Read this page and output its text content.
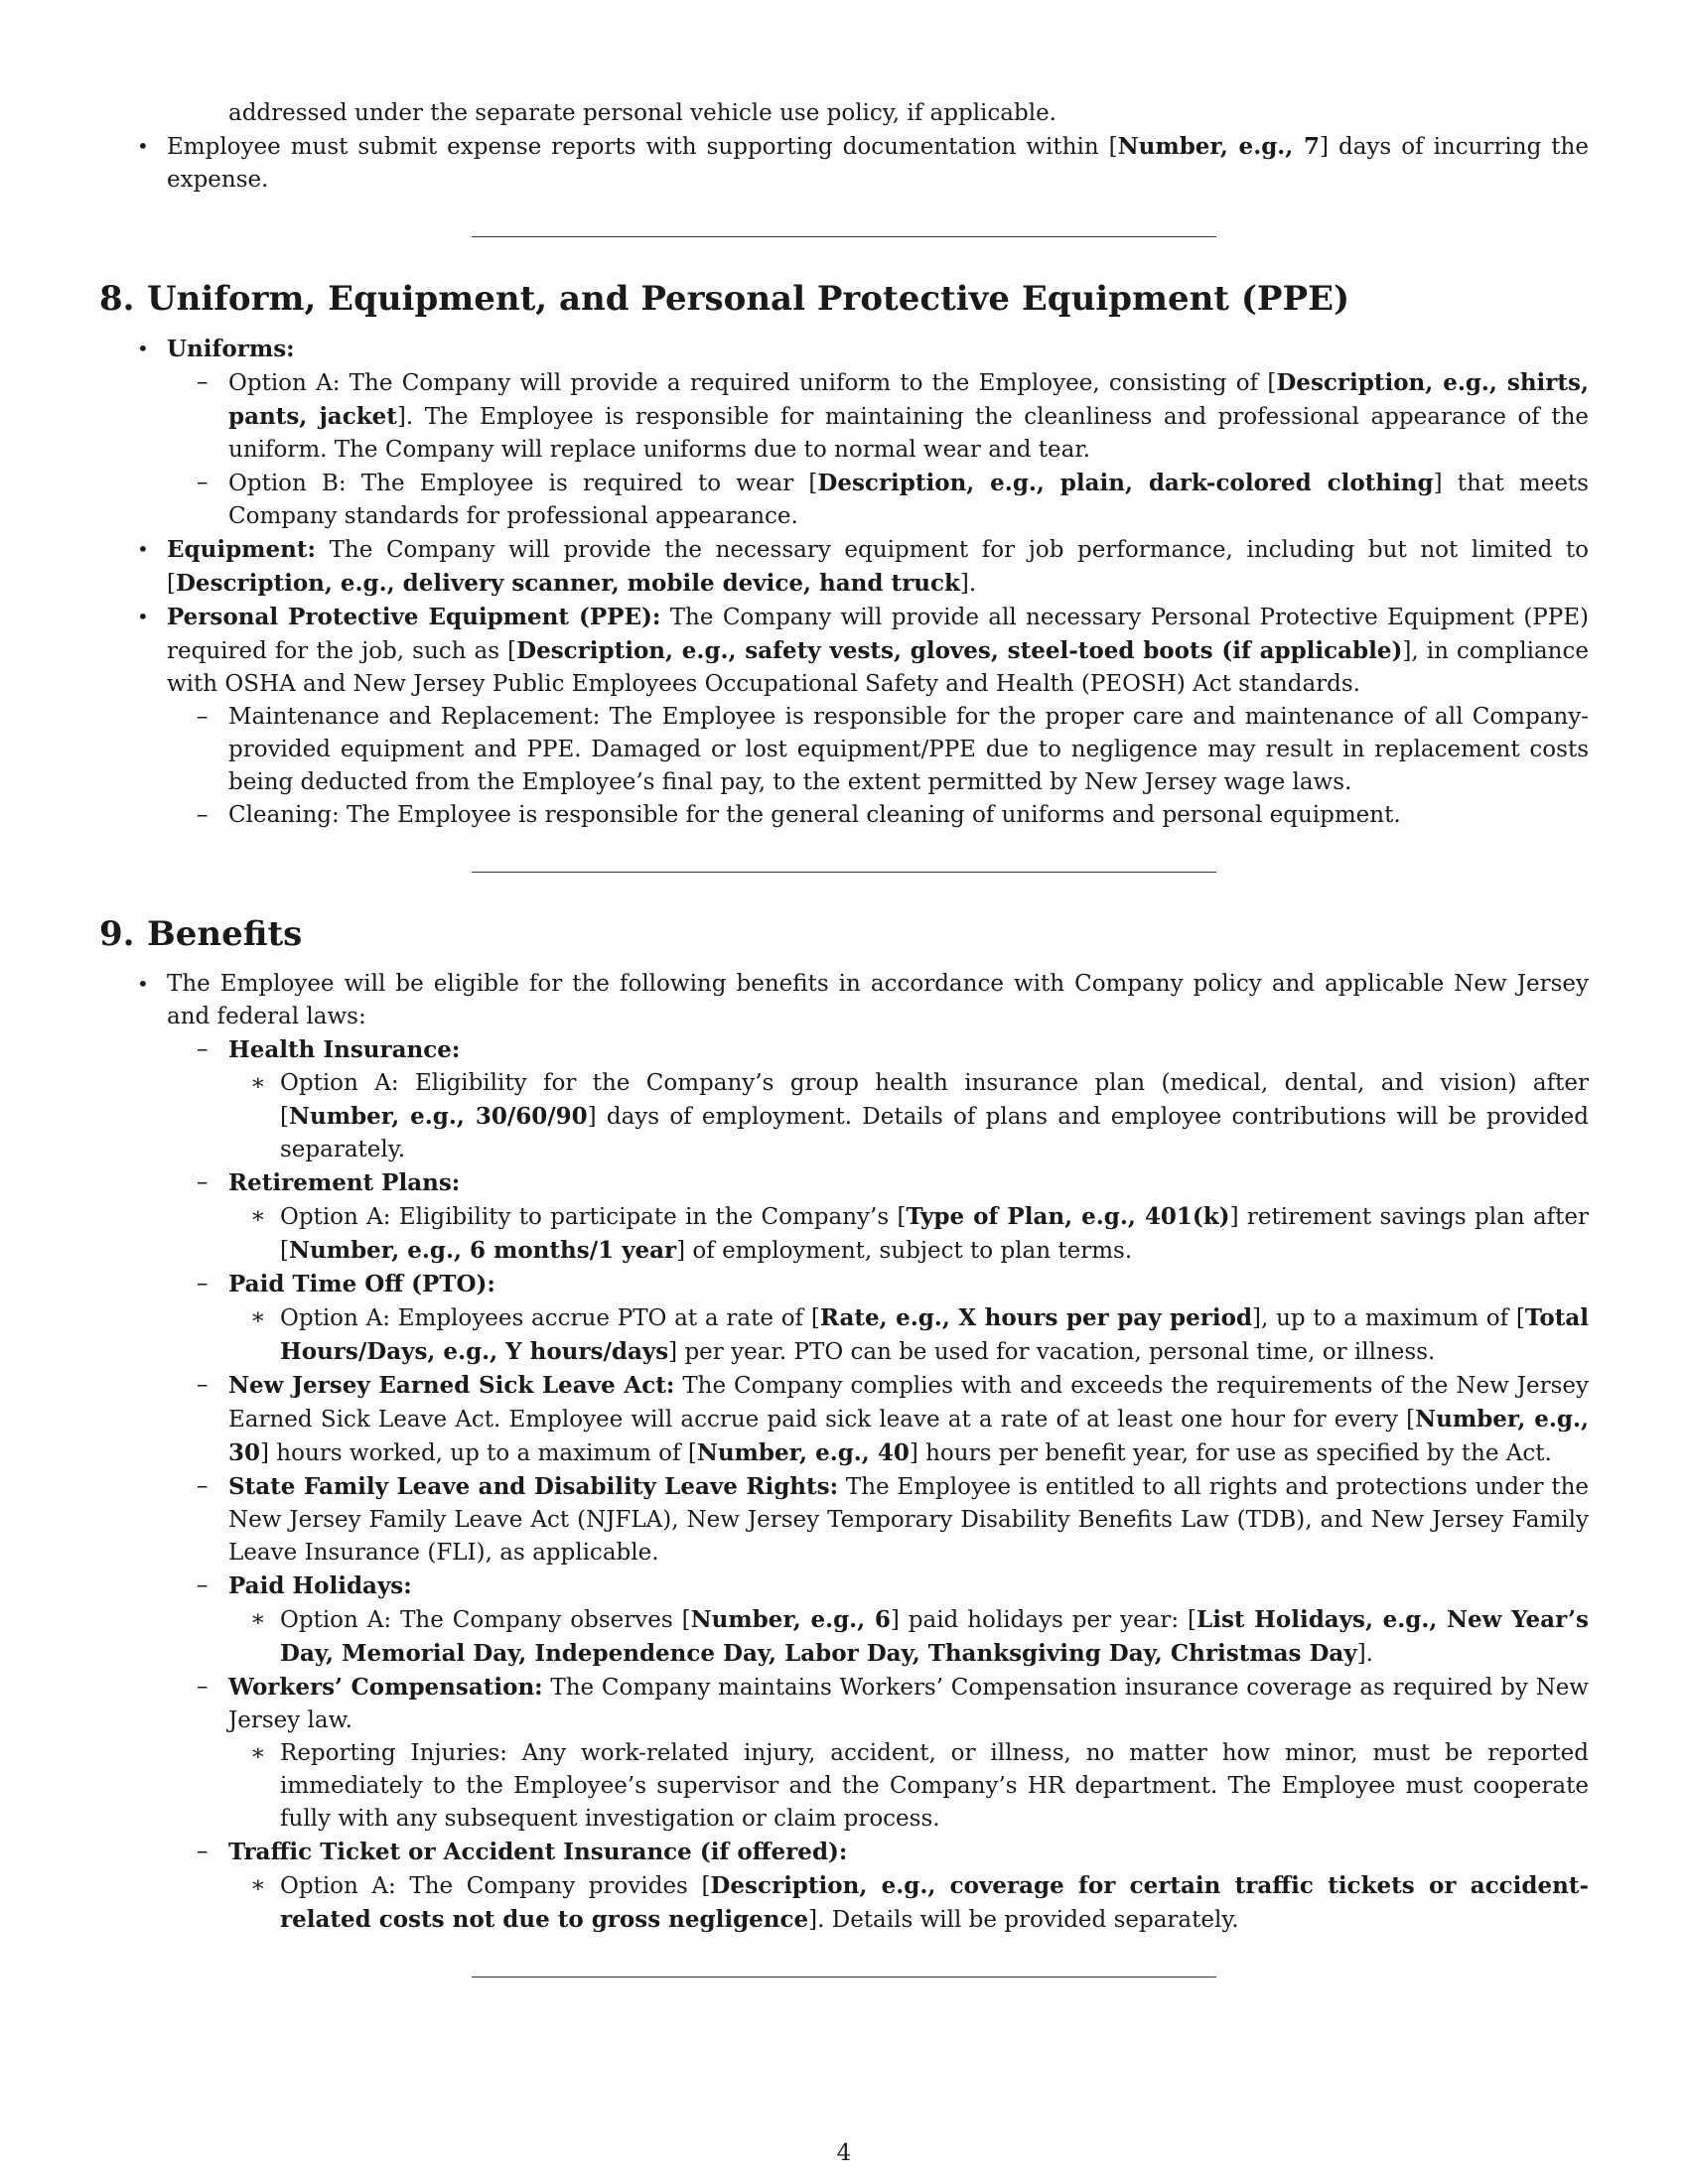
addressed under the separate personal vehicle use policy, if applicable.

•
Employee must submit expense reports with supporting documentation within [Number, e.g., 7] days of incurring the expense.

8. Uniform, Equipment, and Personal Protective Equipment (PPE)

•
Uniforms:

–
Option A: The Company will provide a required uniform to the Employee, consisting of [Description, e.g., shirts, pants, jacket]. The Employee is responsible for maintaining the cleanliness and professional appearance of the uniform. The Company will replace uniforms due to normal wear and tear.

–
Option B: The Employee is required to wear [Description, e.g., plain, dark-colored clothing] that meets Company standards for professional appearance.

•
Equipment: The Company will provide the necessary equipment for job performance, including but not limited to [Description, e.g., delivery scanner, mobile device, hand truck].

•
Personal Protective Equipment (PPE): The Company will provide all necessary Personal Protective Equipment (PPE) required for the job, such as [Description, e.g., safety vests, gloves, steel-toed boots (if applicable)], in compliance with OSHA and New Jersey Public Employees Occupational Safety and Health (PEOSH) Act standards.

–
Maintenance and Replacement: The Employee is responsible for the proper care and maintenance of all Company-provided equipment and PPE. Damaged or lost equipment/PPE due to negligence may result in replacement costs being deducted from the Employee’s final pay, to the extent permitted by New Jersey wage laws.

–
Cleaning: The Employee is responsible for the general cleaning of uniforms and personal equipment.

9. Benefits

•
The Employee will be eligible for the following benefits in accordance with Company policy and applicable New Jersey and federal laws:

–
Health Insurance:

∗
Option A: Eligibility for the Company’s group health insurance plan (medical, dental, and vision) after [Number, e.g., 30/60/90] days of employment. Details of plans and employee contributions will be provided separately.

–
Retirement Plans:

∗
Option A: Eligibility to participate in the Company’s [Type of Plan, e.g., 401(k)] retirement savings plan after [Number, e.g., 6 months/1 year] of employment, subject to plan terms.

–
Paid Time Off (PTO):

∗
Option A: Employees accrue PTO at a rate of [Rate, e.g., X hours per pay period], up to a maximum of [Total Hours/Days, e.g., Y hours/days] per year. PTO can be used for vacation, personal time, or illness.

–
New Jersey Earned Sick Leave Act: The Company complies with and exceeds the requirements of the New Jersey Earned Sick Leave Act. Employee will accrue paid sick leave at a rate of at least one hour for every [Number, e.g., 30] hours worked, up to a maximum of [Number, e.g., 40] hours per benefit year, for use as specified by the Act.

–
State Family Leave and Disability Leave Rights: The Employee is entitled to all rights and protections under the New Jersey Family Leave Act (NJFLA), New Jersey Temporary Disability Benefits Law (TDB), and New Jersey Family Leave Insurance (FLI), as applicable.

–
Paid Holidays:

∗
Option A: The Company observes [Number, e.g., 6] paid holidays per year: [List Holidays, e.g., New Year’s Day, Memorial Day, Independence Day, Labor Day, Thanksgiving Day, Christmas Day].

–
Workers’ Compensation: The Company maintains Workers’ Compensation insurance coverage as required by New Jersey law.

∗
Reporting Injuries: Any work-related injury, accident, or illness, no matter how minor, must be reported immediately to the Employee’s supervisor and the Company’s HR department. The Employee must cooperate fully with any subsequent investigation or claim process.

–
Traffic Ticket or Accident Insurance (if offered):

∗
Option A: The Company provides [Description, e.g., coverage for certain traffic tickets or accident-related costs not due to gross negligence]. Details will be provided separately.

4
